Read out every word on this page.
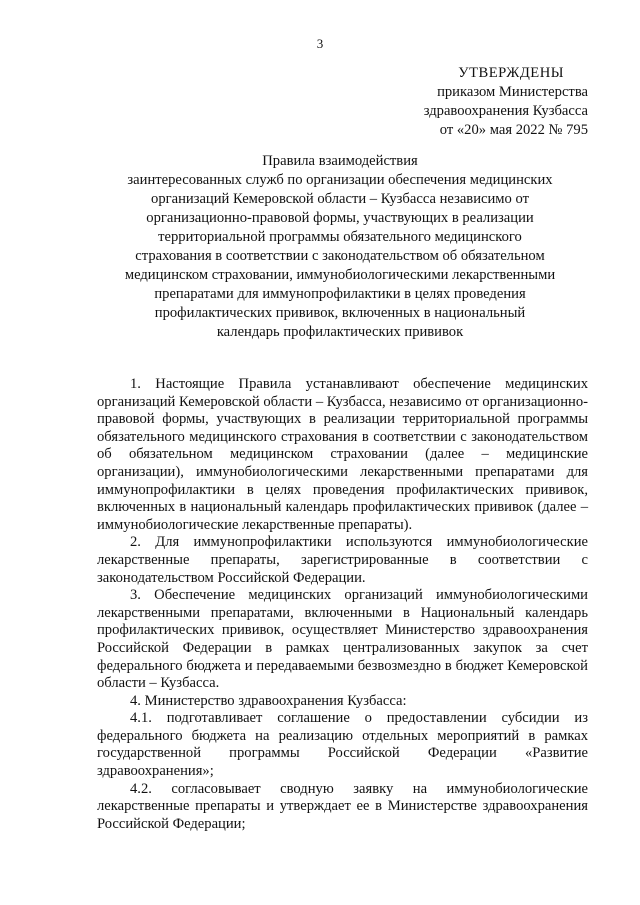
3
УТВЕРЖДЕНЫ
приказом Министерства
здравоохранения Кузбасса
от «20» мая 2022 № 795
Правила взаимодействия
заинтересованных служб по организации обеспечения медицинских
организаций Кемеровской области – Кузбасса независимо от
организационно-правовой формы, участвующих в реализации
территориальной программы обязательного медицинского
страхования в соответствии с законодательством об обязательном
медицинском страховании, иммунобиологическими лекарственными
препаратами для иммунопрофилактики в целях проведения
профилактических прививок, включенных в национальный
календарь профилактических прививок

1. Настоящие Правила устанавливают обеспечение медицинских организаций Кемеровской области – Кузбасса, независимо от организационно-правовой формы, участвующих в реализации территориальной программы обязательного медицинского страхования в соответствии с законодательством об обязательном медицинском страховании (далее – медицинские организации), иммунобиологическими лекарственными препаратами для иммунопрофилактики в целях проведения профилактических прививок, включенных в национальный календарь профилактических прививок (далее – иммунобиологические лекарственные препараты).

2. Для иммунопрофилактики используются иммунобиологические лекарственные препараты, зарегистрированные в соответствии с законодательством Российской Федерации.

3. Обеспечение медицинских организаций иммунобиологическими лекарственными препаратами, включенными в Национальный календарь профилактических прививок, осуществляет Министерство здравоохранения Российской Федерации в рамках централизованных закупок за счет федерального бюджета и передаваемыми безвозмездно в бюджет Кемеровской области – Кузбасса.

4. Министерство здравоохранения Кузбасса:

4.1. подготавливает соглашение о предоставлении субсидии из федерального бюджета на реализацию отдельных мероприятий в рамках государственной программы Российской Федерации «Развитие здравоохранения»;

4.2. согласовывает сводную заявку на иммунобиологические лекарственные препараты и утверждает ее в Министерстве здравоохранения Российской Федерации;
